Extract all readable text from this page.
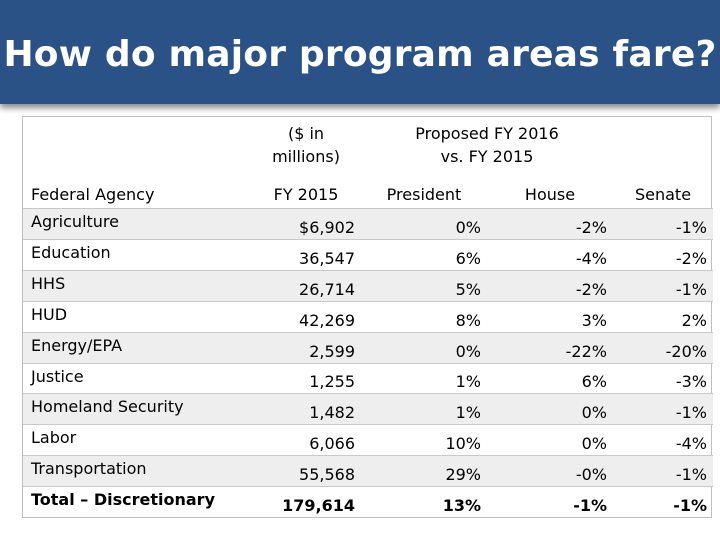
How do major program areas fare?
	($ in millions)	Proposed FY 2016 vs. FY 2015		
Federal Agency	FY 2015	President	House	Senate
Agriculture	$6,902	0%	-2%	-1%
Education	36,547	6%	-4%	-2%
HHS	26,714	5%	-2%	-1%
HUD	42,269	8%	3%	2%
Energy/EPA	2,599	0%	-22%	-20%
Justice	1,255	1%	6%	-3%
Homeland Security	1,482	1%	0%	-1%
Labor	6,066	10%	0%	-4%
Transportation	55,568	29%	-0%	-1%
Total – Discretionary	179,614	13%	-1%	-1%
